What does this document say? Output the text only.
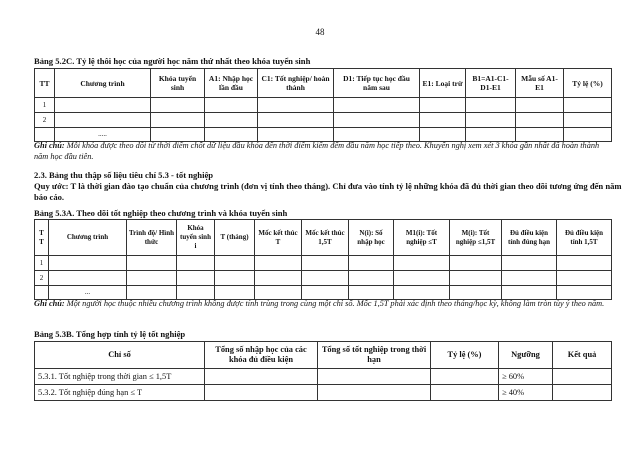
48
Bảng 5.2C. Tỷ lệ thôi học của người học năm thứ nhất theo khóa tuyển sinh
TT	Chương trình	Khóa tuyển sinh	A1: Nhập học lần đầu	C1: Tốt nghiệp/ hoàn thành	D1: Tiếp tục học đầu năm sau	E1: Loại trừ	B1=A1-C1-D1-E1	Mẫu số A1-E1	Tỷ lệ (%)
1									
2									
	.....								
Ghi chú: Mỗi khóa được theo dõi từ thời điểm chốt dữ liệu đầu khóa đến thời điểm kiểm đếm đầu năm học tiếp theo. Khuyến nghị xem xét 3 khóa gần nhất đã hoàn thành năm học đầu tiên.
2.3. Bảng thu thập số liệu tiêu chí 5.3 - tốt nghiệp
Quy ước: T là thời gian đào tạo chuẩn của chương trình (đơn vị tính theo tháng). Chỉ đưa vào tính tỷ lệ những khóa đã đủ thời gian theo dõi tương ứng đến năm báo cáo.
Bảng 5.3A. Theo dõi tốt nghiệp theo chương trình và khóa tuyển sinh
T T	Chương trình	Trình độ/ Hình thức	Khóa tuyển sinh i	T (tháng)	Mốc kết thúc T	Mốc kết thúc 1,5T	N(i): Số nhập học	M1(i): Tốt nghiệp ≤T	M(i): Tốt nghiệp ≤1,5T	Đủ điều kiện tính đúng hạn	Đủ điều kiện tính 1,5T
1											
2											
	...										
Ghi chú: Một người học thuộc nhiều chương trình không được tính trùng trong cùng một chỉ số. Mốc 1,5T phải xác định theo tháng/học kỳ, không làm tròn tùy ý theo năm.
Bảng 5.3B. Tổng hợp tính tỷ lệ tốt nghiệp
Chỉ số	Tổng số nhập học của các khóa đủ điều kiện	Tổng số tốt nghiệp trong thời hạn	Tỷ lệ (%)	Ngưỡng	Kết quả
5.3.1. Tốt nghiệp trong thời gian ≤ 1,5T				≥ 60%	
5.3.2. Tốt nghiệp đúng hạn ≤ T				≥ 40%	
